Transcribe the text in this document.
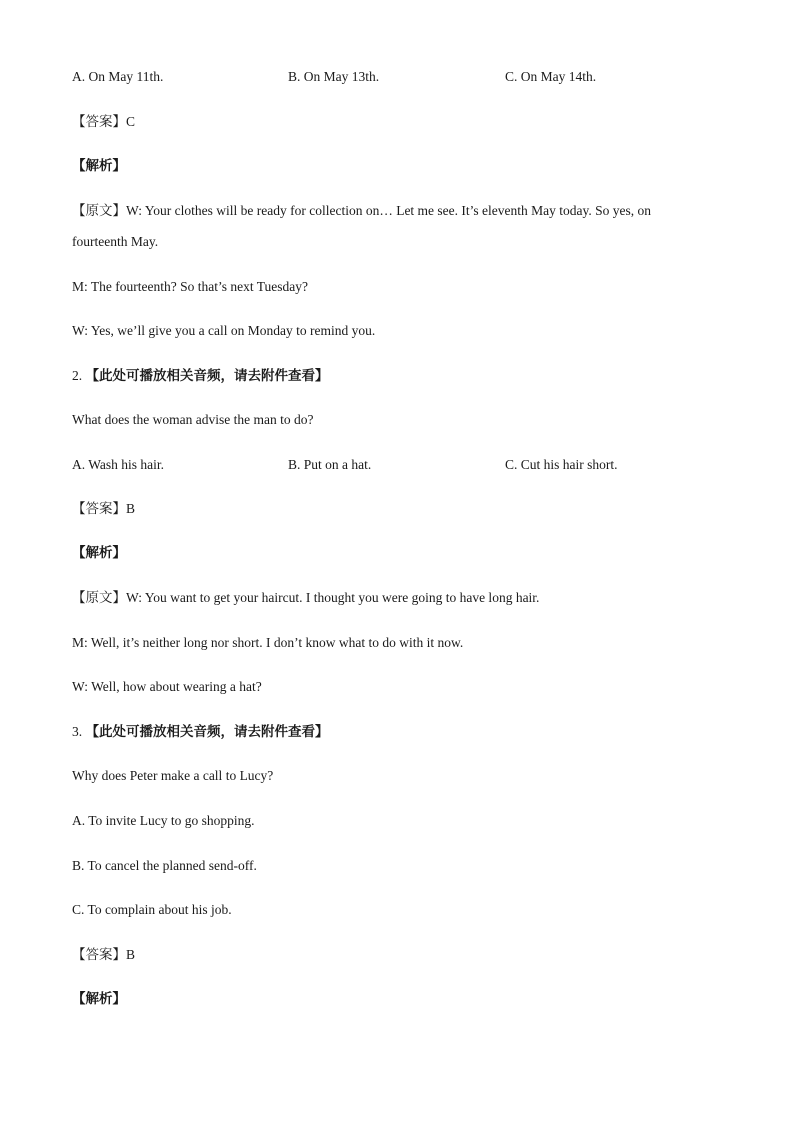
A. On May 11th.	B. On May 13th.	C. On May 14th.
【答案】C
【解析】
【原文】W: Your clothes will be ready for collection on… Let me see. It’s eleventh May today. So yes, on
fourteenth May.
M: The fourteenth? So that’s next Tuesday?
W: Yes, we’ll give you a call on Monday to remind you.
2. 【此处可播放相关音频，请去附件查看】
What does the woman advise the man to do?
A. Wash his hair.	B. Put on a hat.	C. Cut his hair short.
【答案】B
【解析】
【原文】W: You want to get your haircut. I thought you were going to have long hair.
M: Well, it’s neither long nor short. I don’t know what to do with it now.
W: Well, how about wearing a hat?
3. 【此处可播放相关音频，请去附件查看】
Why does Peter make a call to Lucy?
A. To invite Lucy to go shopping.
B. To cancel the planned send-off.
C. To complain about his job.
【答案】B
【解析】
